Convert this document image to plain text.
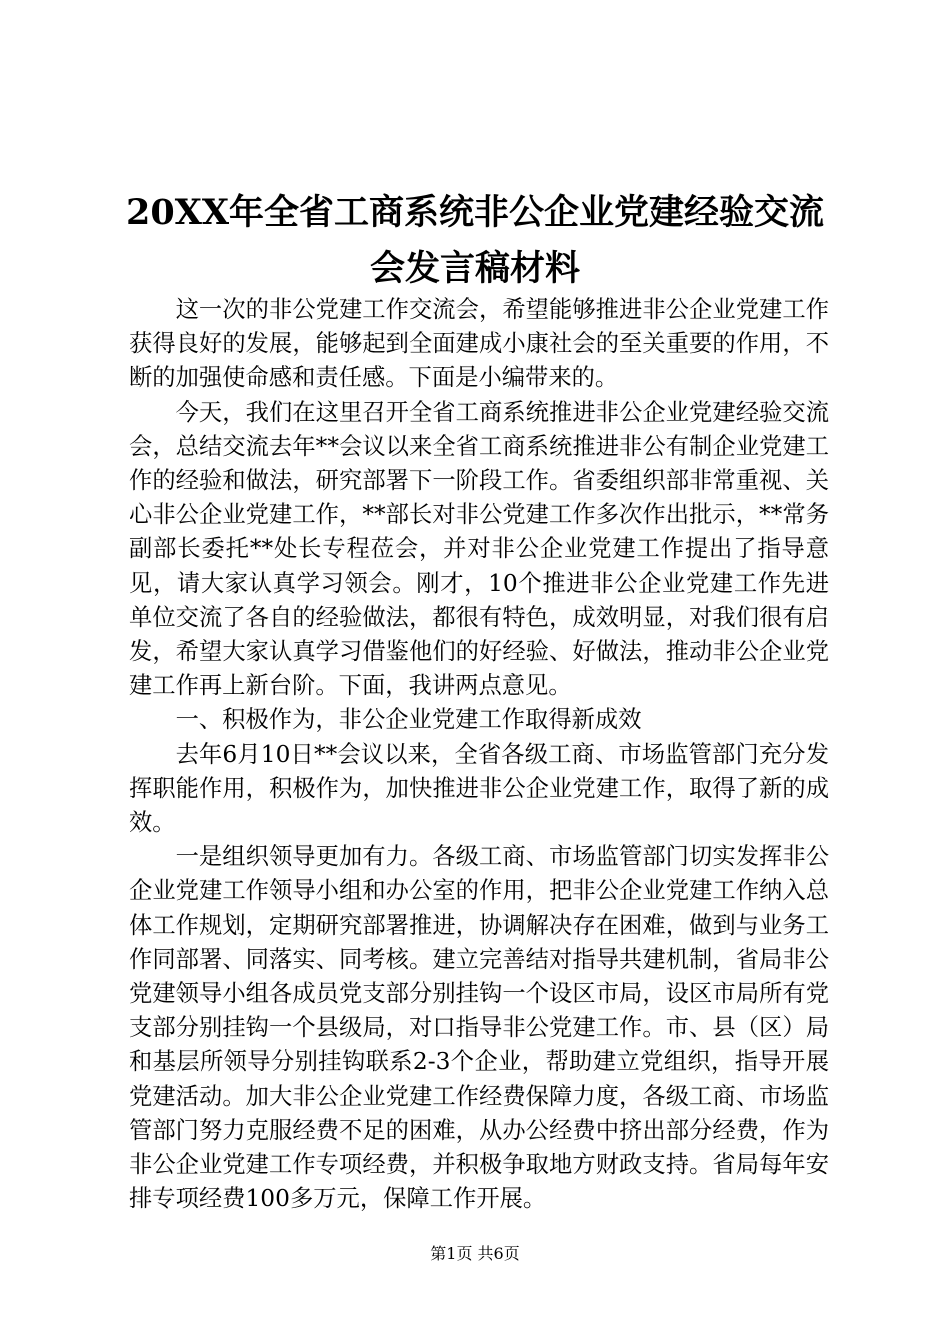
20XX年全省工商系统非公企业党建经验交流
会发言稿材料

这一次的非公党建工作交流会，希望能够推进非公企业党建工作获得良好的发展，能够起到全面建成小康社会的至关重要的作用，不断的加强使命感和责任感。下面是小编带来的。

今天，我们在这里召开全省工商系统推进非公企业党建经验交流会，总结交流去年**会议以来全省工商系统推进非公有制企业党建工作的经验和做法，研究部署下一阶段工作。省委组织部非常重视、关心非公企业党建工作，**部长对非公党建工作多次作出批示，**常务副部长委托**处长专程莅会，并对非公企业党建工作提出了指导意见，请大家认真学习领会。刚才，10个推进非公企业党建工作先进单位交流了各自的经验做法，都很有特色，成效明显，对我们很有启发，希望大家认真学习借鉴他们的好经验、好做法，推动非公企业党建工作再上新台阶。下面，我讲两点意见。

一、积极作为，非公企业党建工作取得新成效

去年6月10日**会议以来，全省各级工商、市场监管部门充分发挥职能作用，积极作为，加快推进非公企业党建工作，取得了新的成效。

一是组织领导更加有力。各级工商、市场监管部门切实发挥非公企业党建工作领导小组和办公室的作用，把非公企业党建工作纳入总体工作规划，定期研究部署推进，协调解决存在困难，做到与业务工作同部署、同落实、同考核。建立完善结对指导共建机制，省局非公党建领导小组各成员党支部分别挂钩一个设区市局，设区市局所有党支部分别挂钩一个县级局，对口指导非公党建工作。市、县（区）局和基层所领导分别挂钩联系2-3个企业，帮助建立党组织，指导开展党建活动。加大非公企业党建工作经费保障力度，各级工商、市场监管部门努力克服经费不足的困难，从办公经费中挤出部分经费，作为非公企业党建工作专项经费，并积极争取地方财政支持。省局每年安排专项经费100多万元，保障工作开展。

第1页 共6页
